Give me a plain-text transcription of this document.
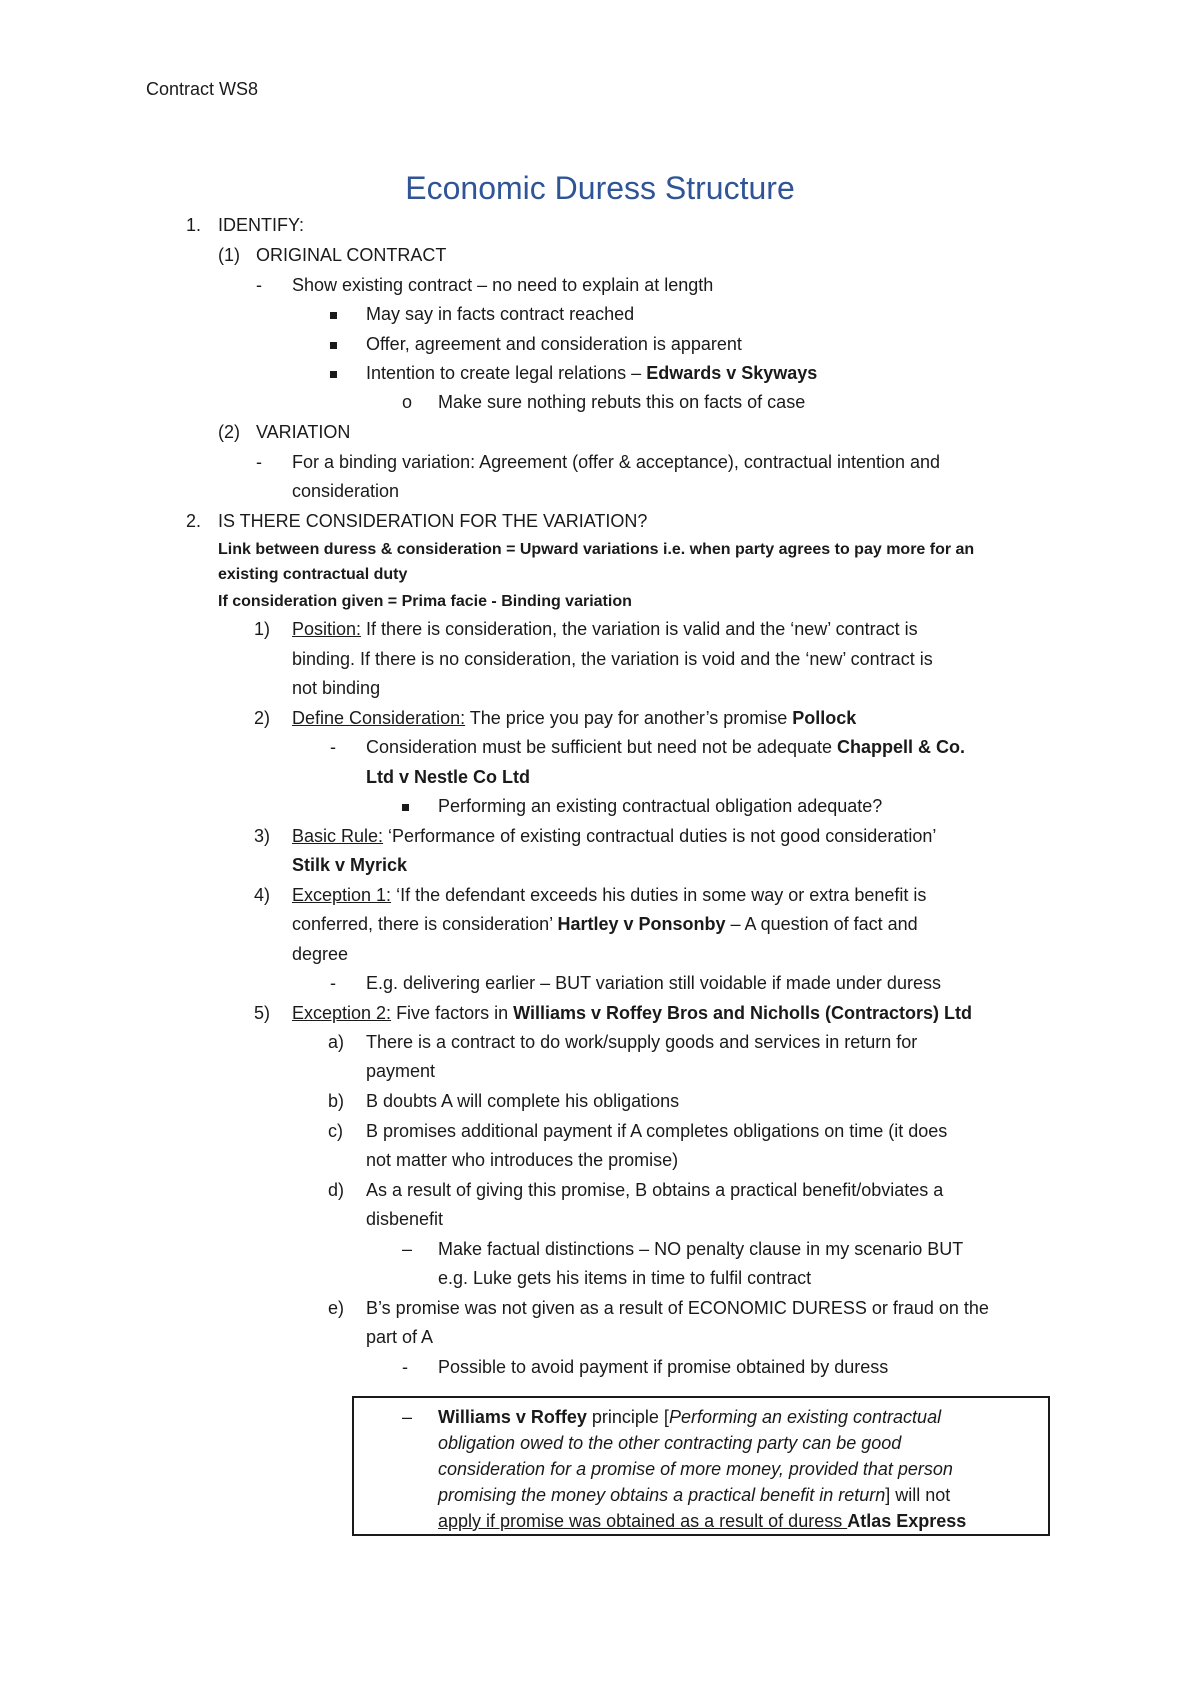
Contract WS8
Economic Duress Structure
1. IDENTIFY:
(1) ORIGINAL CONTRACT
- Show existing contract – no need to explain at length
May say in facts contract reached
Offer, agreement and consideration is apparent
Intention to create legal relations – Edwards v Skyways
o Make sure nothing rebuts this on facts of case
(2) VARIATION
- For a binding variation: Agreement (offer & acceptance), contractual intention and
consideration
2. IS THERE CONSIDERATION FOR THE VARIATION?
Link between duress & consideration = Upward variations i.e. when party agrees to pay more for an
existing contractual duty
If consideration given = Prima facie - Binding variation
1) Position: If there is consideration, the variation is valid and the ‘new’ contract is
binding. If there is no consideration, the variation is void and the ‘new’ contract is
not binding
2) Define Consideration: The price you pay for another’s promise Pollock
- Consideration must be sufficient but need not be adequate Chappell & Co.
Ltd v Nestle Co Ltd
Performing an existing contractual obligation adequate?
3) Basic Rule: ‘Performance of existing contractual duties is not good consideration’
Stilk v Myrick
4) Exception 1: ‘If the defendant exceeds his duties in some way or extra benefit is
conferred, there is consideration’ Hartley v Ponsonby – A question of fact and
degree
- E.g. delivering earlier – BUT variation still voidable if made under duress
5) Exception 2: Five factors in Williams v Roffey Bros and Nicholls (Contractors) Ltd
a) There is a contract to do work/supply goods and services in return for
payment
b) B doubts A will complete his obligations
c) B promises additional payment if A completes obligations on time (it does
not matter who introduces the promise)
d) As a result of giving this promise, B obtains a practical benefit/obviates a
disbenefit
– Make factual distinctions – NO penalty clause in my scenario BUT
e.g. Luke gets his items in time to fulfil contract
e) B’s promise was not given as a result of ECONOMIC DURESS or fraud on the
part of A
- Possible to avoid payment if promise obtained by duress
– Williams v Roffey principle [Performing an existing contractual
obligation owed to the other contracting party can be good
consideration for a promise of more money, provided that person
promising the money obtains a practical benefit in return] will not
apply if promise was obtained as a result of duress Atlas Express
